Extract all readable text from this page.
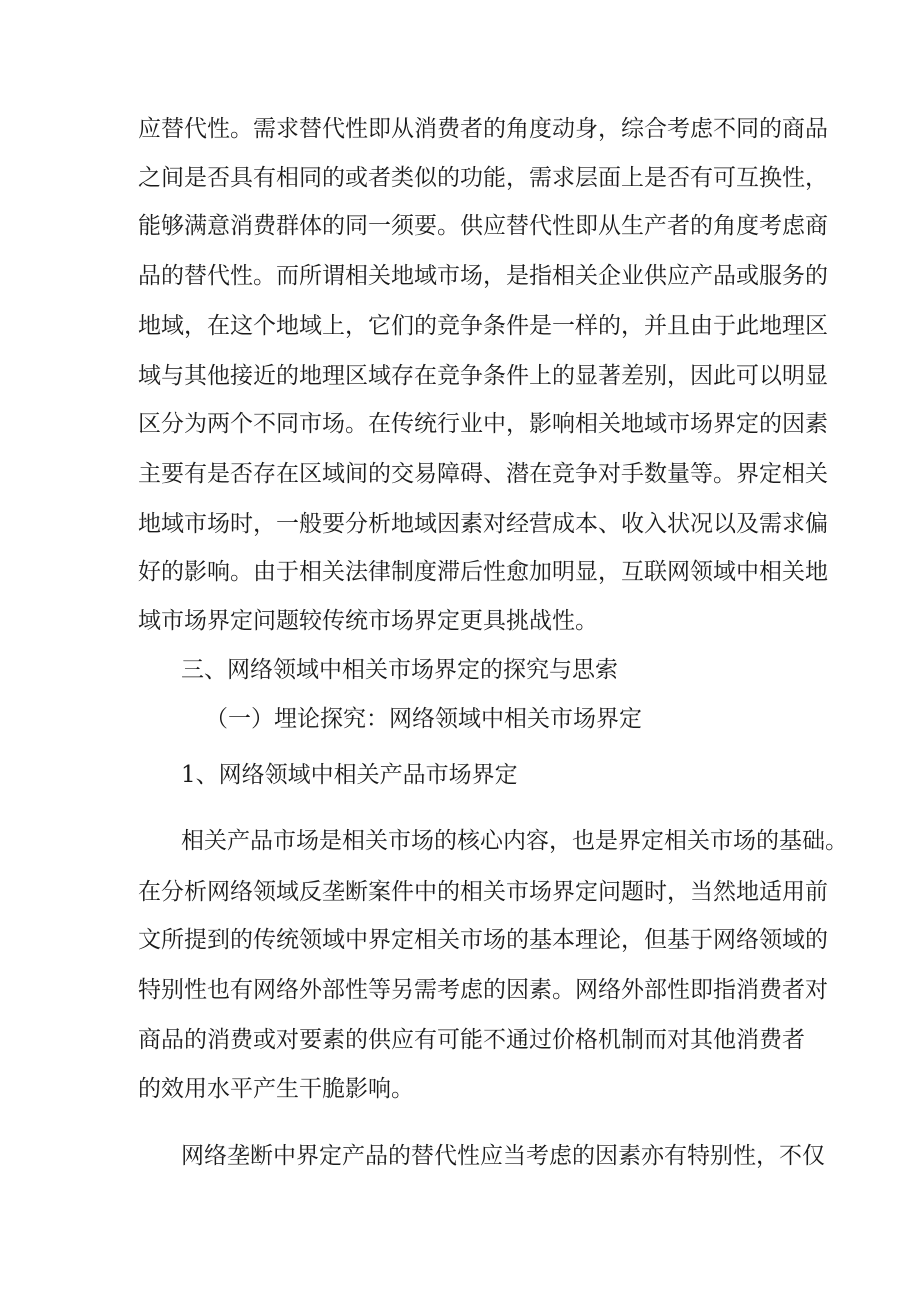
应替代性。需求替代性即从消费者的角度动身，综合考虑不同的商品
之间是否具有相同的或者类似的功能，需求层面上是否有可互换性，
能够满意消费群体的同一须要。供应替代性即从生产者的角度考虑商
品的替代性。而所谓相关地域市场，是指相关企业供应产品或服务的
地域，在这个地域上，它们的竞争条件是一样的，并且由于此地理区
域与其他接近的地理区域存在竞争条件上的显著差别，因此可以明显
区分为两个不同市场。在传统行业中，影响相关地域市场界定的因素
主要有是否存在区域间的交易障碍、潜在竞争对手数量等。界定相关
地域市场时，一般要分析地域因素对经营成本、收入状况以及需求偏
好的影响。由于相关法律制度滞后性愈加明显，互联网领域中相关地
域市场界定问题较传统市场界定更具挑战性。
三、网络领域中相关市场界定的探究与思索
（一）埋论探究：网络领域中相关市场界定
1、网络领域中相关产品市场界定
相关产品市场是相关市场的核心内容，也是界定相关市场的基础。
在分析网络领域反垄断案件中的相关市场界定问题时，当然地适用前
文所提到的传统领域中界定相关市场的基本理论，但基于网络领域的
特别性也有网络外部性等另需考虑的因素。网络外部性即指消费者对
商品的消费或对要素的供应有可能不通过价格机制而对其他消费者
的效用水平产生干脆影响。
网络垄断中界定产品的替代性应当考虑的因素亦有特别性，不仅
